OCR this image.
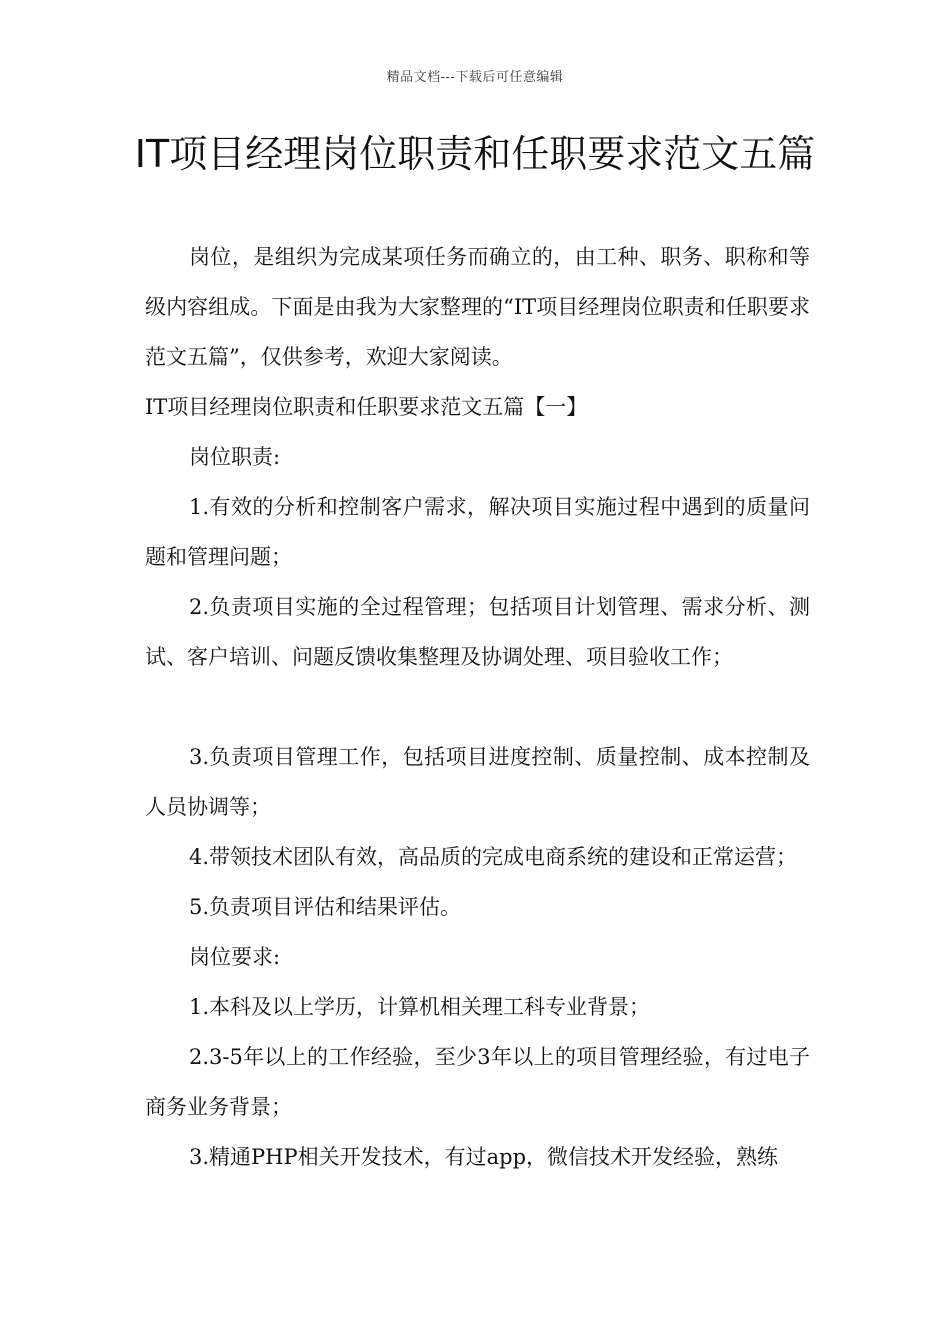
精品文档---下载后可任意编辑
IT项目经理岗位职责和任职要求范文五篇

岗位，是组织为完成某项任务而确立的，由工种、职务、职称和等级内容组成。下面是由我为大家整理的“IT项目经理岗位职责和任职要求范文五篇”，仅供参考，欢迎大家阅读。

IT项目经理岗位职责和任职要求范文五篇【一】

岗位职责:

1.有效的分析和控制客户需求，解决项目实施过程中遇到的质量问题和管理问题；

2.负责项目实施的全过程管理；包括项目计划管理、需求分析、测试、客户培训、问题反馈收集整理及协调处理、项目验收工作；

3.负责项目管理工作，包括项目进度控制、质量控制、成本控制及人员协调等；

4.带领技术团队有效，高品质的完成电商系统的建设和正常运营；

5.负责项目评估和结果评估。

岗位要求:

1.本科及以上学历，计算机相关理工科专业背景；

2.3-5年以上的工作经验，至少3年以上的项目管理经验，有过电子商务业务背景；

3.精通PHP相关开发技术，有过app，微信技术开发经验，熟练
